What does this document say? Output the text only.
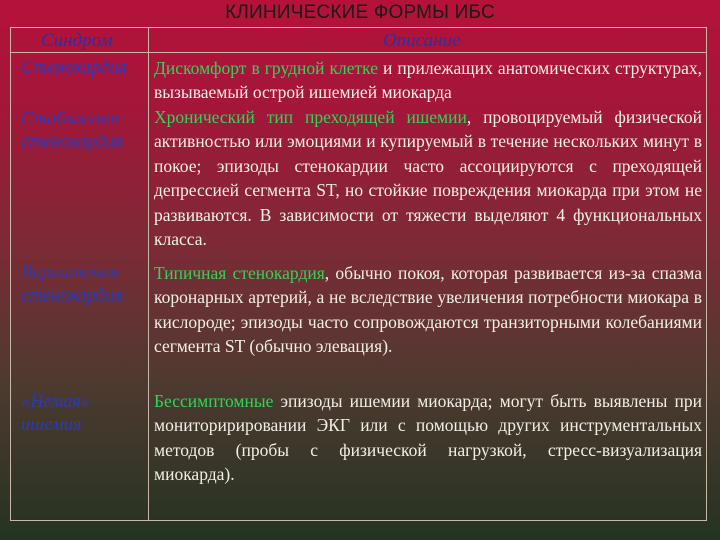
КЛИНИЧЕСКИЕ ФОРМЫ ИБС
Синдром	Описание
Стенокардия	Дискомфорт в грудной клетке и прилежащих анатомических структурах, вызываемый острой ишемией миокарда
Стабильная
стенокардия
Хронический тип преходящей ишемии, провоцируемый физической активностью или эмоциями и купируемый в течение нескольких минут в покое; эпизоды стенокардии часто ассоциируются с преходящей депрессией сегмента ST, но стойкие повреждения миокарда при этом не развиваются. В зависимости от тяжести выделяют 4 функциональных класса.
Вариантная
стенокардия
Типичная стенокардия, обычно покоя, которая развивается из-за спазма коронарных артерий, а не вследствие увеличения потребности миокара в кислороде; эпизоды часто сопровождаются транзиторными колебаниями сегмента ST (обычно элевация).
«Немая»
ишемия
Бессимптомные эпизоды ишемии миокарда; могут быть выявлены при мониторирировании ЭКГ или с помощью других инструментальных методов (пробы с физической нагрузкой, стресс-визуализация миокарда).
